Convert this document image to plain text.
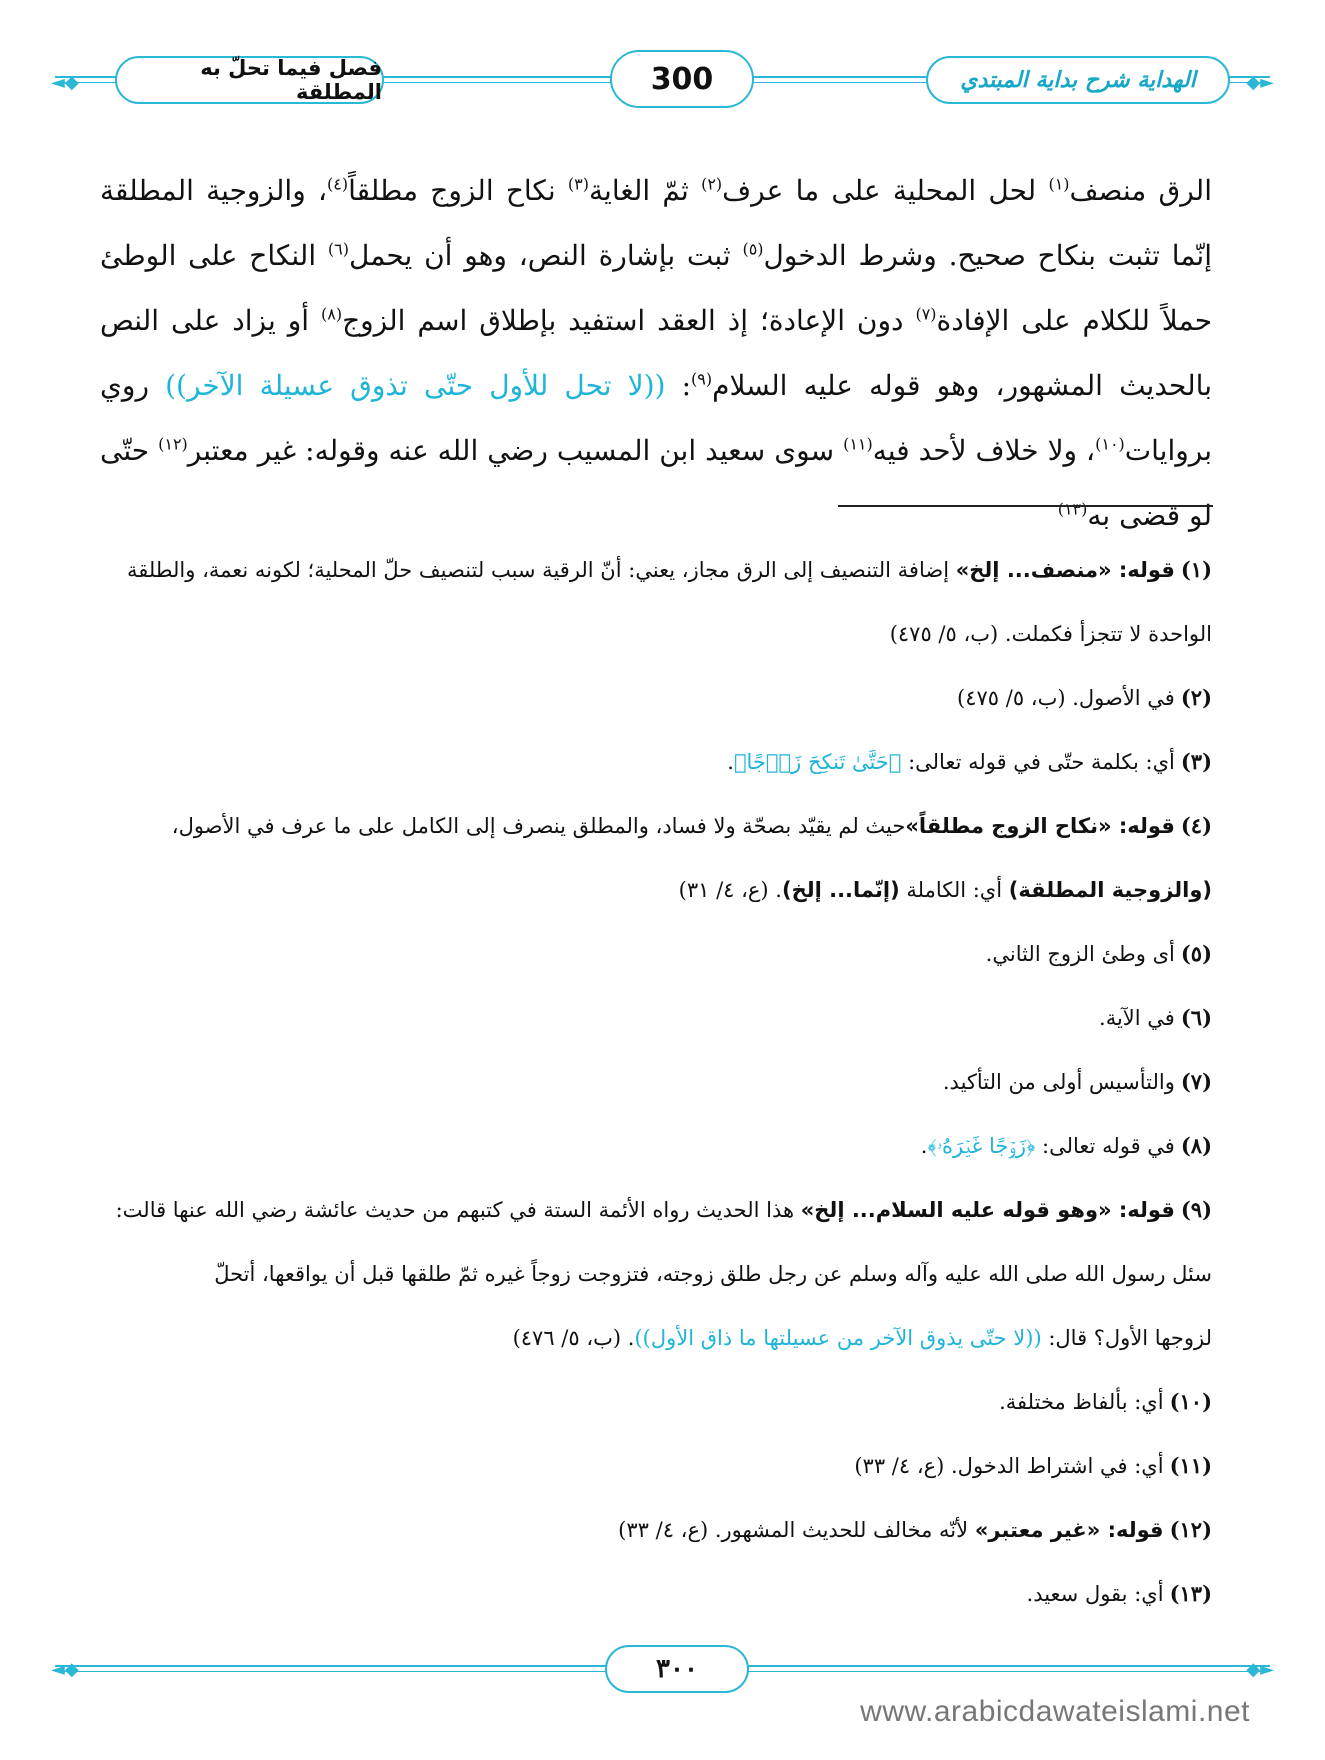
◄◆	◆►
الهداية شرح بداية المبتدي
300
فصل فيما تحلّ به المطلقة
الرق منصف$^{(١)}$ لحل المحلية على ما عرف$^{(٢)}$ ثمّ الغاية$^{(٣)}$ نكاح الزوج مطلقاً$^{(٤)}$، والزوجية المطلقة إنّما تثبت بنكاح صحيح. وشرط الدخول$^{(٥)}$ ثبت بإشارة النص، وهو أن يحمل$^{(٦)}$ النكاح على الوطئ حملاً للكلام على الإفادة$^{(٧)}$ دون الإعادة؛ إذ العقد استفيد بإطلاق اسم الزوج$^{(٨)}$ أو يزاد على النص بالحديث المشهور، وهو قوله عليه السلام$^{(٩)}$: ((لا تحل للأول حتّى تذوق عسيلة الآخر)) روي بروايات$^{(١٠)}$، ولا خلاف لأحد فيه$^{(١١)}$ سوى سعيد ابن المسيب رضي الله عنه وقوله: غير معتبر$^{(١٢)}$ حتّى لو قضى به$^{(١٣)}$

(١)قوله: «منصف... إلخ» إضافة التنصيف إلى الرق مجاز، يعني: أنّ الرقية سبب لتنصيف حلّ المحلية؛ لكونه نعمة، والطلقة الواحدة لا تتجزأ فكملت. (ب، ٥/ ٤٧٥)

(٢)في الأصول. (ب، ٥/ ٤٧٥)

(٣)أي: بكلمة حتّى في قوله تعالى: ﴿حَتَّىٰ تَنكِحَ زَوۡجًا﴾.

(٤)قوله: «نكاح الزوج مطلقاً»حيث لم يقيّد بصحّة ولا فساد، والمطلق ينصرف إلى الكامل على ما عرف في الأصول،
(والزوجية المطلقة) أي: الكاملة (إنّما... إلخ). (ع، ٤/ ٣١)

(٥)أى وطئ الزوج الثاني.

(٦)في الآية.

(٧)والتأسيس أولى من التأكيد.

(٨)في قوله تعالى: ﴿زَوۡجًا غَيۡرَهُۥ﴾.

(٩)قوله: «وهو قوله عليه السلام... إلخ» هذا الحديث رواه الأئمة الستة في كتبهم من حديث عائشة رضي الله عنها قالت:
سئل رسول الله صلى الله عليه وآله وسلم عن رجل طلق زوجته، فتزوجت زوجاً غيره ثمّ طلقها قبل أن يواقعها، أتحلّ
لزوجها الأول؟ قال: ((لا حتّى يذوق الآخر من عسيلتها ما ذاق الأول)). (ب، ٥/ ٤٧٦)

(١٠)أي: بألفاظ مختلفة.

(١١)أي: في اشتراط الدخول. (ع، ٤/ ٣٣)

(١٢)قوله: «غير معتبر» لأنّه مخالف للحديث المشهور. (ع، ٤/ ٣٣)

(١٣)أي: بقول سعيد.

◄◆	◆►
٣٠٠
www.arabicdawateislami.net
